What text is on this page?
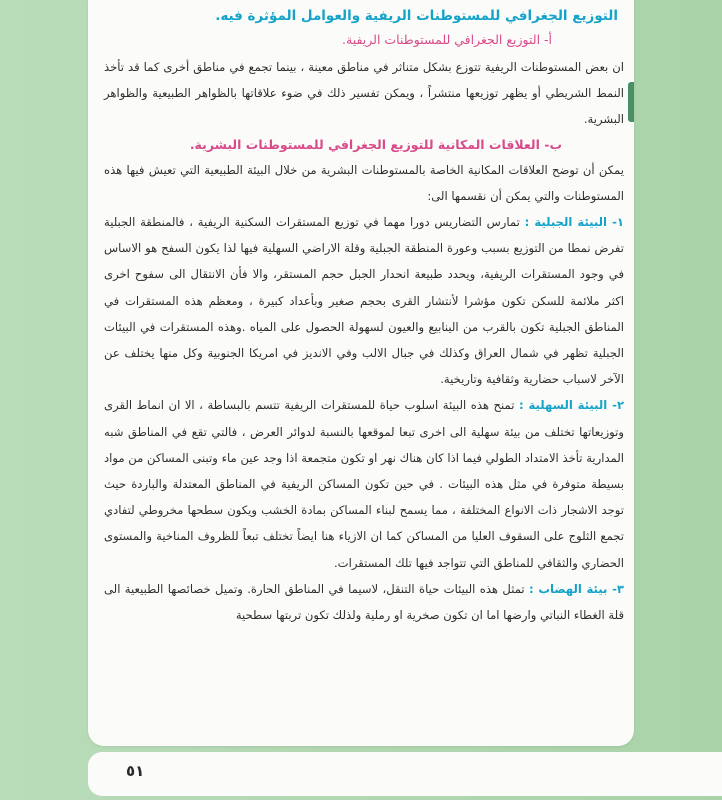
التوزيع الجغرافي للمستوطنات الريفية والعوامل المؤثرة فيه.
أ- التوزيع الجغرافي للمستوطنات الريفية.

ان بعض المستوطنات الريفية تتوزع بشكل متناثر في مناطق معينة ، بينما تجمع في مناطق أخرى كما قد تأخذ النمط الشريطي أو يظهر توزيعها منتشراً ، ويمكن تفسير ذلك في ضوء علاقاتها بالظواهر الطبيعية والظواهر البشرية.

ب- العلاقات المكانية للتوزيع الجغرافي للمستوطنات البشرية.

يمكن أن توضح العلاقات المكانية الخاصة بالمستوطنات البشرية من خلال البيئة الطبيعية التي تعيش فيها هذه المستوطنات والتي يمكن أن نقسمها الى:

١- البيئة الجبلية : تمارس التضاريس دورا مهما في توزيع المستقرات السكنية الريفية ، فالمنطقة الجبلية تفرض نمطا من التوزيع بسبب وعورة المنطقة الجبلية وقلة الاراضي السهلية فيها لذا يكون السفح هو الاساس في وجود المستقرات الريفية، ويحدد طبيعة انحدار الجبل حجم المستقر، والا فأن الانتقال الى سفوح اخرى اكثر ملائمة للسكن تكون مؤشرا لأنتشار القرى بحجم صغير وبأعداد كبيرة ، ومعظم هذه المستقرات في المناطق الجبلية تكون بالقرب من الينابيع والعيون لسهولة الحصول على المياه .وهذه المستقرات في البيئات الجبلية تظهر في شمال العراق وكذلك في جبال الالب وفي الانديز في امريكا الجنوبية وكل منها يختلف عن الآخر لاسباب حضارية وثقافية وتاريخية.

٢- البيئة السهلية : تمنح هذه البيئة اسلوب حياة للمستقرات الريفية تتسم بالبساطة ، الا ان انماط القرى وتوزيعاتها تختلف من بيئة سهلية الى اخرى تبعا لموقعها بالنسبة لدوائر العرض ، فالتي تقع في المناطق شبه المدارية تأخذ الامتداد الطولي فيما اذا كان هناك نهر او تكون متجمعة اذا وجد عين ماء وتبنى المساكن من مواد بسيطة متوفرة في مثل هذه البيئات . في حين تكون المساكن الريفية في المناطق المعتدلة والباردة حيث توجد الاشجار ذات الانواع المختلفة ، مما يسمح لبناء المساكن بمادة الخشب ويكون سطحها مخروطي لتفادي تجمع الثلوج على السقوف العليا من المساكن كما ان الازياء هنا ايضاً تختلف تبعاً للظروف المناخية والمستوى الحضاري والثقافي للمناطق التي تتواجد فيها تلك المستقرات.

٣- بيئة الهضاب : تمثل هذه البيئات حياة التنقل، لاسيما في المناطق الحارة. وتميل خصائصها الطبيعية الى قلة الغطاء النباتي وارضها اما ان تكون صخرية او رملية ولذلك تكون تربتها سطحية

٥١
